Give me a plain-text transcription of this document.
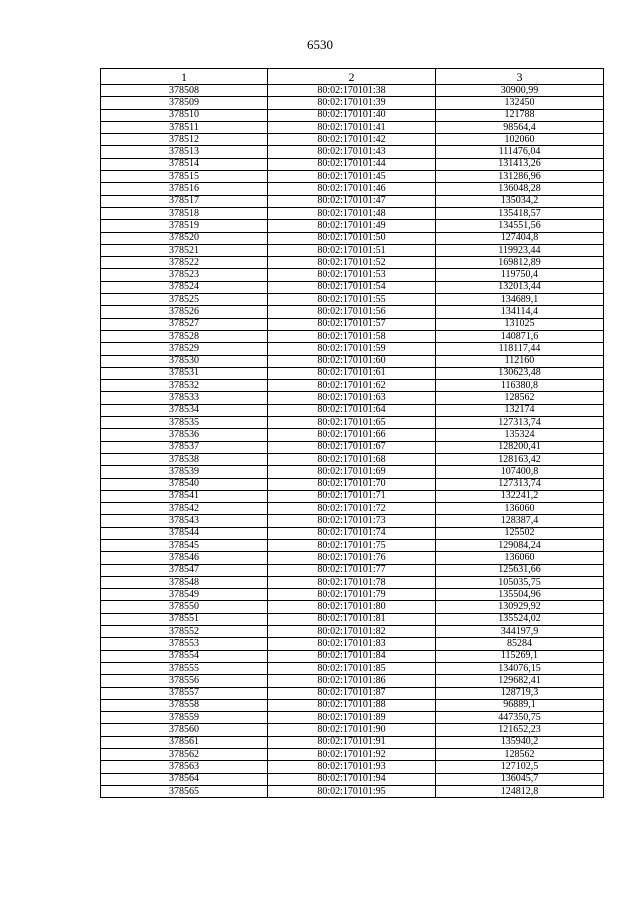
6530
1	2	3
378508	80:02:170101:38	30900,99
378509	80:02:170101:39	132450
378510	80:02:170101:40	121788
378511	80:02:170101:41	98564,4
378512	80:02:170101:42	102060
378513	80:02:170101:43	111476,04
378514	80:02:170101:44	131413,26
378515	80:02:170101:45	131286,96
378516	80:02:170101:46	136048,28
378517	80:02:170101:47	135034,2
378518	80:02:170101:48	135418,57
378519	80:02:170101:49	134551,56
378520	80:02:170101:50	127404,8
378521	80:02:170101:51	119923,44
378522	80:02:170101:52	169812,89
378523	80:02:170101:53	119750,4
378524	80:02:170101:54	132013,44
378525	80:02:170101:55	134689,1
378526	80:02:170101:56	134114,4
378527	80:02:170101:57	131025
378528	80:02:170101:58	140871,6
378529	80:02:170101:59	118117,44
378530	80:02:170101:60	112160
378531	80:02:170101:61	130623,48
378532	80:02:170101:62	116380,8
378533	80:02:170101:63	128562
378534	80:02:170101:64	132174
378535	80:02:170101:65	127313,74
378536	80:02:170101:66	135324
378537	80:02:170101:67	128200,41
378538	80:02:170101:68	128163,42
378539	80:02:170101:69	107400,8
378540	80:02:170101:70	127313,74
378541	80:02:170101:71	132241,2
378542	80:02:170101:72	136060
378543	80:02:170101:73	128387,4
378544	80:02:170101:74	125502
378545	80:02:170101:75	129084,24
378546	80:02:170101:76	136060
378547	80:02:170101:77	125631,66
378548	80:02:170101:78	105035,75
378549	80:02:170101:79	135504,96
378550	80:02:170101:80	130929,92
378551	80:02:170101:81	135524,02
378552	80:02:170101:82	344197,9
378553	80:02:170101:83	85284
378554	80:02:170101:84	115269,1
378555	80:02:170101:85	134076,15
378556	80:02:170101:86	129682,41
378557	80:02:170101:87	128719,3
378558	80:02:170101:88	96889,1
378559	80:02:170101:89	447350,75
378560	80:02:170101:90	121652,23
378561	80:02:170101:91	135940,2
378562	80:02:170101:92	128562
378563	80:02:170101:93	127102,5
378564	80:02:170101:94	136045,7
378565	80:02:170101:95	124812,8
